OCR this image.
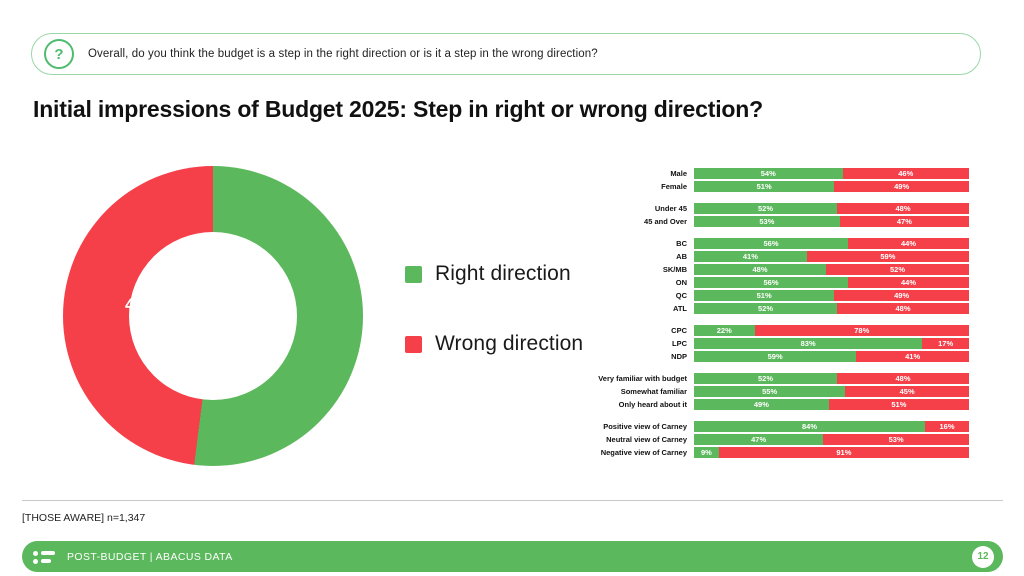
?	Overall, do you think the budget is a step in the right direction or is it a step in the wrong direction?
Initial impressions of Budget 2025: Step in right or wrong direction?
52%
48%
Right direction
Wrong direction
Male	54%	46%
Female	51%	49%
Under 45	52%	48%
45 and Over	53%	47%
BC	56%	44%
AB	41%	59%
SK/MB	48%	52%
ON	56%	44%
QC	51%	49%
ATL	52%	48%
CPC	22%	78%
LPC	83%	17%
NDP	59%	41%
Very familiar with budget	52%	48%
Somewhat familiar	55%	45%
Only heard about it	49%	51%
Positive view of Carney	84%	16%
Neutral view of Carney	47%	53%
Negative view of Carney	9%	91%
[THOSE AWARE] n=1,347
POST-BUDGET | ABACUS DATA	12
